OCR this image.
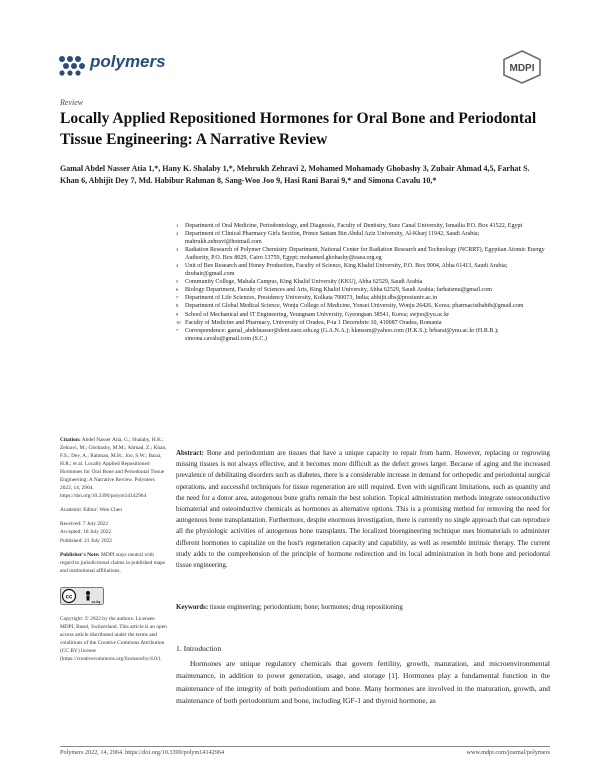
polymers	MDPI
Review
Locally Applied Repositioned Hormones for Oral Bone and Periodontal Tissue Engineering: A Narrative Review
Gamal Abdel Nasser Atia 1,*, Hany K. Shalaby 1,*, Mehrukh Zehravi 2, Mohamed Mohamady Ghobashy 3, Zubair Ahmad 4,5, Farhat S. Khan 6, Abhijit Dey 7, Md. Habibur Rahman 8, Sang-Woo Joo 9, Hasi Rani Barai 9,* and Simona Cavalu 10,*
1	Department of Oral Medicine, Periodontology, and Diagnosis, Faculty of Dentistry, Suez Canal University, Ismailia P.O. Box 41522, Egypt
2	Department of Clinical Pharmacy Girls Section, Prince Sattam Bin Abdul Aziz University, Al-Kharj 11942, Saudi Arabia; mahrukh.zehravi@hotmail.com
3	Radiation Research of Polymer Chemistry Department, National Center for Radiation Research and Technology (NCRRT), Egyptian Atomic Energy Authority, P.O. Box 8029, Cairo 13759, Egypt; mohamed.ghobashy@eaea.org.eg
4	Unit of Bee Research and Honey Production, Faculty of Science, King Khalid University, P.O. Box 9004, Abha 61413, Saudi Arabia; dzubair@gmail.com
5	Community College, Mahala Campus, King Khalid University (KKU), Abha 62529, Saudi Arabia
6	Biology Department, Faculty of Sciences and Arts, King Khalid University, Abha 62529, Saudi Arabia; farhatsmu@gmail.com
7	Department of Life Sciences, Presidency University, Kolkata 700073, India; abhijit.dbs@presiuniv.ac.in
8	Department of Global Medical Science, Wonju College of Medicine, Yonsei University, Wonju 26426, Korea; pharmacisthabib@gmail.com
9	School of Mechanical and IT Engineering, Yeungnam University, Gyeongsan 38541, Korea; swjoo@yu.ac.kr
10 Faculty of Medicine and Pharmacy, University of Oradea, P-ta 1 Decembrie 10, 410087 Oradea, Romania
*	Correspondence: gamal_abdelnasser@dent.suez.edu.eg (G.A.N.A.); hkmssm@yahoo.com (H.K.S.); hrbarai@ynu.ac.kr (H.R.B.); simona.cavalu@gmail.com (S.C.)
Citation: Abdel Nasser Atia, G.; Shalaby, H.K.; Zehravi, M.; Ghobashy, M.M.; Ahmad, Z.; Khan, F.S.; Dey, A.; Rahman, M.H.; Joo, S.W.; Barai, H.R.; et al. Locally Applied Repositioned Hormones for Oral Bone and Periodontal Tissue Engineering: A Narrative Review. Polymers 2022, 14, 2964. https://doi.org/10.3390/polym14142964
Academic Editor: Wen Chen
Received: 7 July 2022
Accepted: 18 July 2022
Published: 21 July 2022
Publisher's Note: MDPI stays neutral with regard to jurisdictional claims in published maps and institutional affiliations.
cc
cc by
Copyright: © 2022 by the authors. Licensee MDPI, Basel, Switzerland. This article is an open access article distributed under the terms and conditions of the Creative Commons Attribution (CC BY) license (https://creativecommons.org/licenses/by/4.0/).
Abstract: Bone and periodontium are tissues that have a unique capacity to repair from harm. However, replacing or regrowing missing tissues is not always effective, and it becomes more difficult as the defect grows larger. Because of aging and the increased prevalence of debilitating disorders such as diabetes, there is a considerable increase in demand for orthopedic and periodontal surgical operations, and successful techniques for tissue regeneration are still required. Even with significant limitations, such as quantity and the need for a donor area, autogenous bone grafts remain the best solution. Topical administration methods integrate osteoconductive biomaterial and osteoinductive chemicals as hormones as alternative options. This is a promising method for removing the need for autogenous bone transplantation. Furthermore, despite enormous investigation, there is currently no single approach that can reproduce all the physiologic activities of autogenous bone transplants. The localized bioengineering technique uses biomaterials to administer different hormones to capitalize on the host's regeneration capacity and capability, as well as resemble intrinsic therapy. The current study adds to the comprehension of the principle of hormone redirection and its local administration in both bone and periodontal tissue engineering.
Keywords: tissue engineering; periodontium; bone; hormones; drug repositioning
1. Introduction
Hormones are unique regulatory chemicals that govern fertility, growth, maturation, and microenvironmental maintenance, in addition to power generation, usage, and storage [1]. Hormones play a fundamental function in the maintenance of the integrity of both periodontium and bone. Many hormones are involved in the maturation, growth, and maintenance of both periodontium and bone, including IGF-1 and thyroid hormone, as
Polymers 2022, 14, 2964. https://doi.org/10.3390/polym14142964	www.mdpi.com/journal/polymers
